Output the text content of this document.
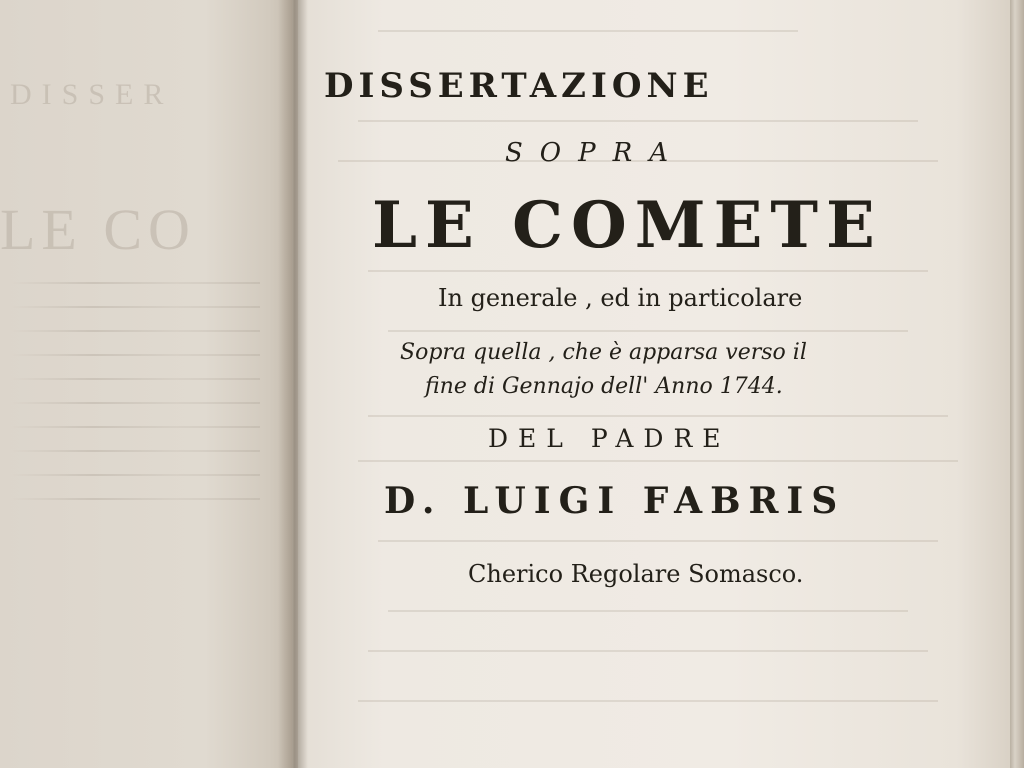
DISSER
LE CO
DISSERTAZIONE
SOPRA
LE COMETE
In generale , ed in particolare
Sopra quella , che è apparsa verso il
fine di Gennajo dell' Anno 1744.
DEL PADRE
D. LUIGI FABRIS
Cherico Regolare Somasco.
